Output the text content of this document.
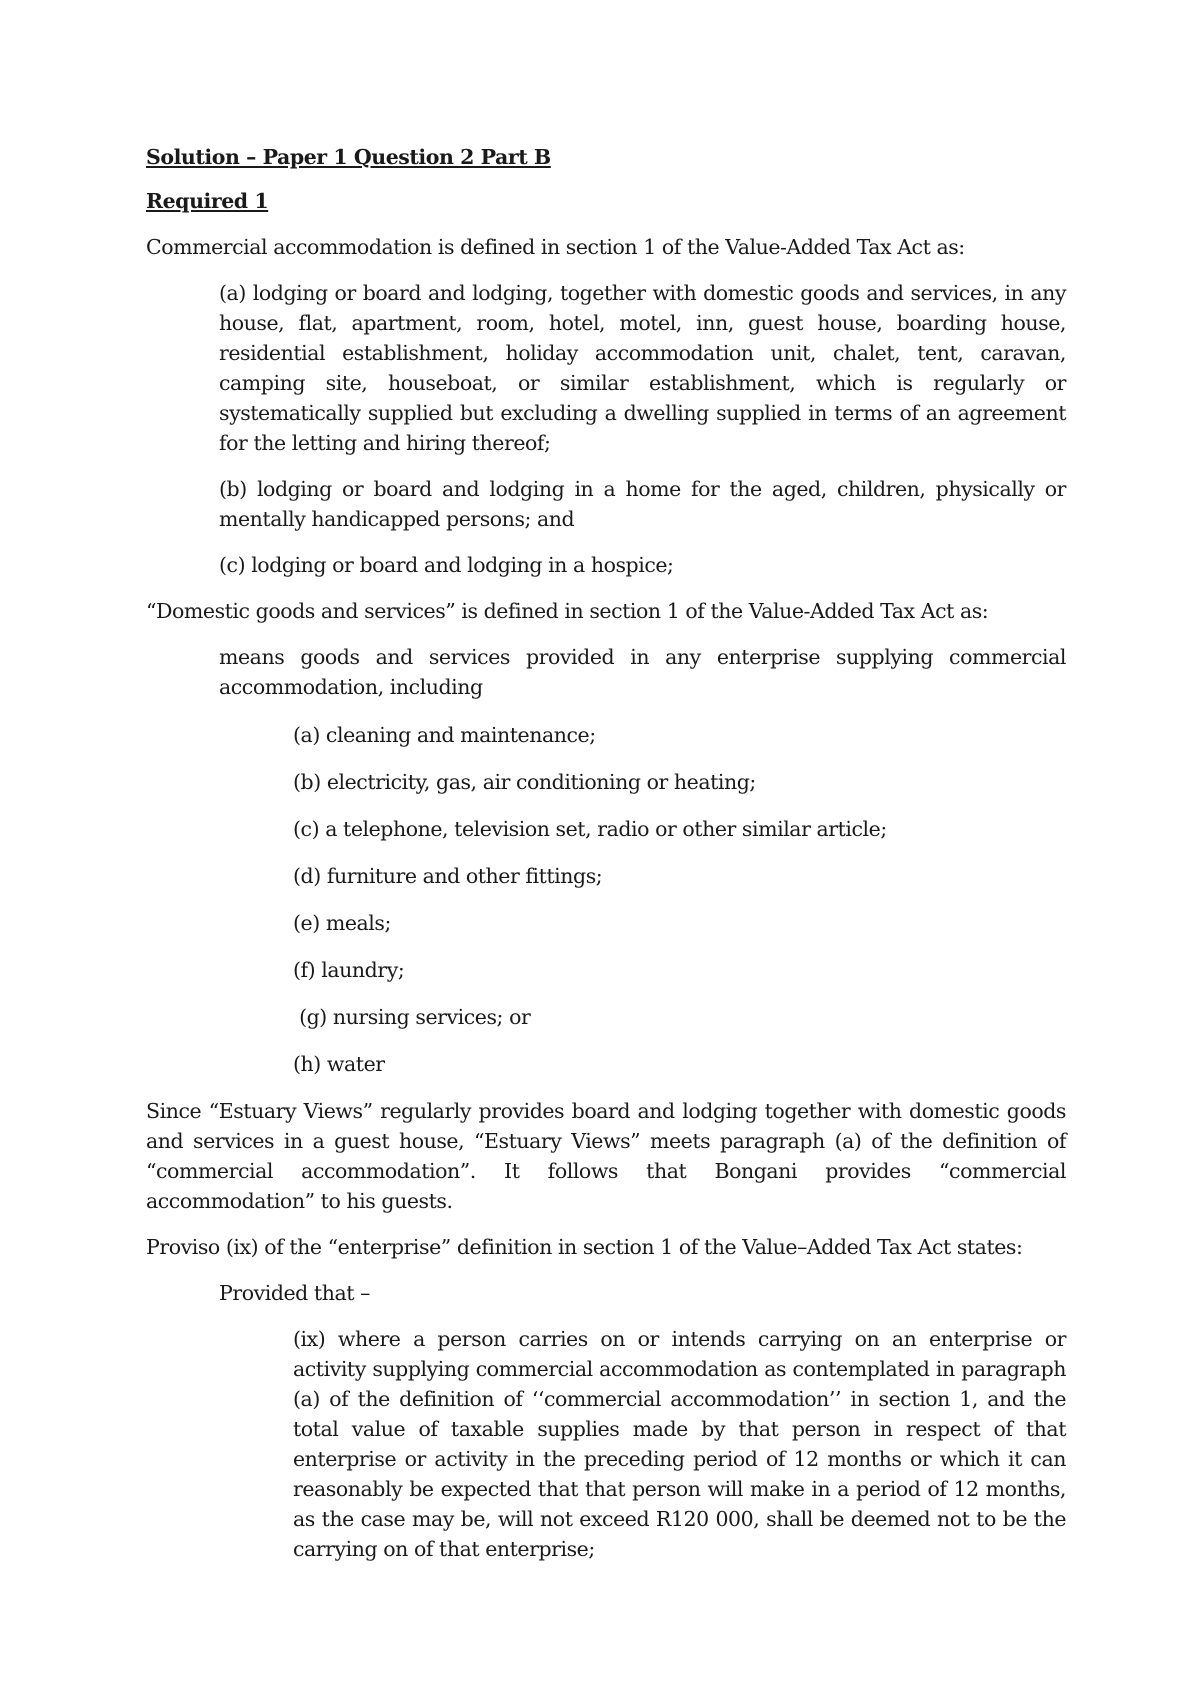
Solution – Paper 1 Question 2 Part B
Required 1

Commercial accommodation is defined in section 1 of the Value-Added Tax Act as:

(a) lodging or board and lodging, together with domestic goods and services, in any house, flat, apartment, room, hotel, motel, inn, guest house, boarding house, residential establishment, holiday accommodation unit, chalet, tent, caravan, camping site, houseboat, or similar establishment, which is regularly or systematically supplied but excluding a dwelling supplied in terms of an agreement for the letting and hiring thereof;

(b) lodging or board and lodging in a home for the aged, children, physically or mentally handicapped persons; and

(c) lodging or board and lodging in a hospice;

“Domestic goods and services” is defined in section 1 of the Value-Added Tax Act as:

means goods and services provided in any enterprise supplying commercial accommodation, including

(a) cleaning and maintenance;

(b) electricity, gas, air conditioning or heating;

(c) a telephone, television set, radio or other similar article;

(d) furniture and other fittings;

(e) meals;

(f) laundry;

(g) nursing services; or

(h) water

Since “Estuary Views” regularly provides board and lodging together with domestic goods and services in a guest house, “Estuary Views” meets paragraph (a) of the definition of “commercial accommodation”. It follows that Bongani provides “commercial accommodation” to his guests.

Proviso (ix) of the “enterprise” definition in section 1 of the Value–Added Tax Act states:

Provided that –

(ix) where a person carries on or intends carrying on an enterprise or activity supplying commercial accommodation as contemplated in paragraph (a) of the definition of ‘‘commercial accommodation’’ in section 1, and the total value of taxable supplies made by that person in respect of that enterprise or activity in the preceding period of 12 months or which it can reasonably be expected that that person will make in a period of 12 months, as the case may be, will not exceed R120 000, shall be deemed not to be the carrying on of that enterprise;
